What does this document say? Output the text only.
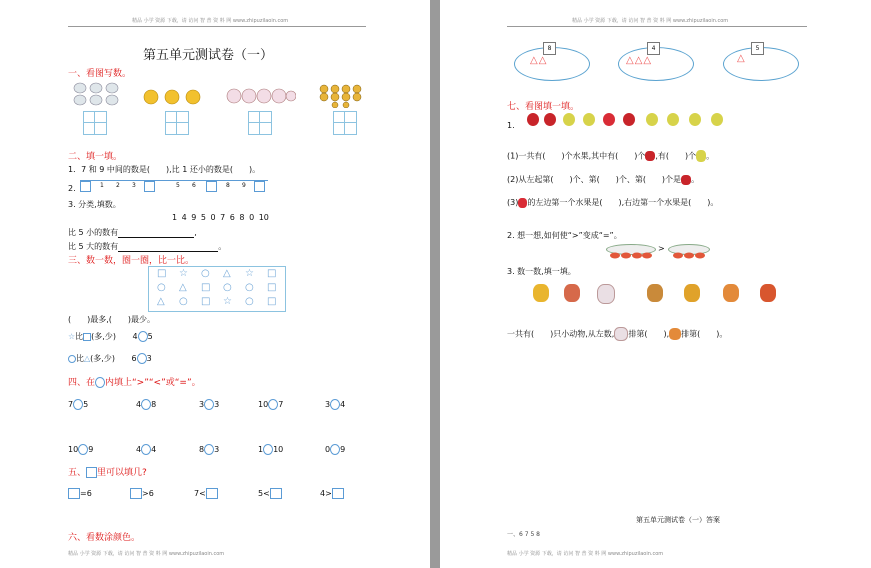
精品 小学 资源 下载，请 访问 智 普 资 料 网 www.zhipuzilaoin.com
第五单元测试卷（一）
一、看图写数。
二、填一填。
1．7 和 9 中间的数是(　　),比 1 还小的数是(　　)。
2.	1 2 3	5 6	8 9
3. 分类,填数。
1 4 9 5 0 7 6 8 0 10
比 5 小的数有	,
比 5 大的数有	。
三、数一数，圈一圈，比一比。
□ ☆ ○ △ ☆ □
○ △ □ ○ ○ □
△ ○ □ ☆ ○ □
(　　)最多,(　　)最少。
☆比 (多,少) 4 5
比△(多,少) 6 3
四、在 内填上“>”“<”或“=”。
7 5	4 8	3 3	10 7	3 4
10 9	4 4	8 3	1 10	0 9
五、 里可以填几?
=6	>6	7<	5<	4>
六、看数涂颜色。
精品 小学 资源 下载，请 访问 智 普 资 料 网 www.zhipuzilaoin.com
精品 小学 资源 下载，请 访问 智 普 资 料 网 www.zhipuzilaoin.com
8
△△
4
△△△
5
△
七、看图填一填。
1.
(1)一共有(　　)个水果,其中有(　　)个 ,有(　　)个 。
(2)从左起第(　　)个、第(　　)个、第(　　)个是 。
(3) 的左边第一个水果是(　　),右边第一个水果是(　　)。
2. 想一想,如何使“>”变成“=”。
>
3. 数一数,填一填。
一共有(　　)只小动物,从左数, 排第(　　), 排第(　　)。
第五单元测试卷（一）答案
一、6 7 5 8
精品 小学 资源 下载，请 访问 智 普 资 料 网 www.zhipuzilaoin.com
